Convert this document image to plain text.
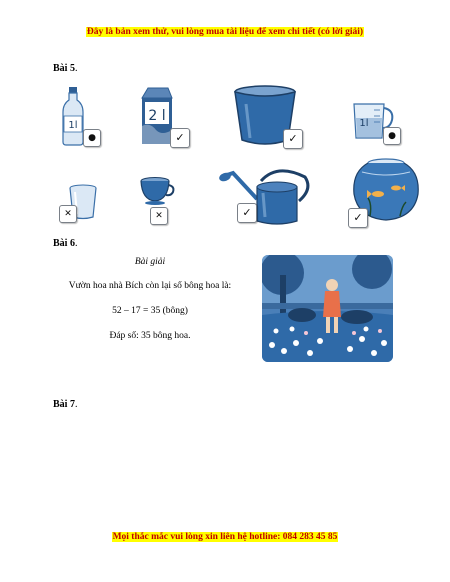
Đây là bản xem thử, vui lòng mua tài liệu để xem chi tiết (có lời giải)
Bài 5.
1l
●
2 l
✓	✓
1l
●
✕	✕	✓	✓
Bài 6.
Bài giải
Vườn hoa nhà Bích còn lại số bông hoa là:
52 – 17 = 35 (bông)
Đáp số: 35 bông hoa.
Bài 7.
Mọi thắc mắc vui lòng xin liên hệ hotline: 084 283 45 85
